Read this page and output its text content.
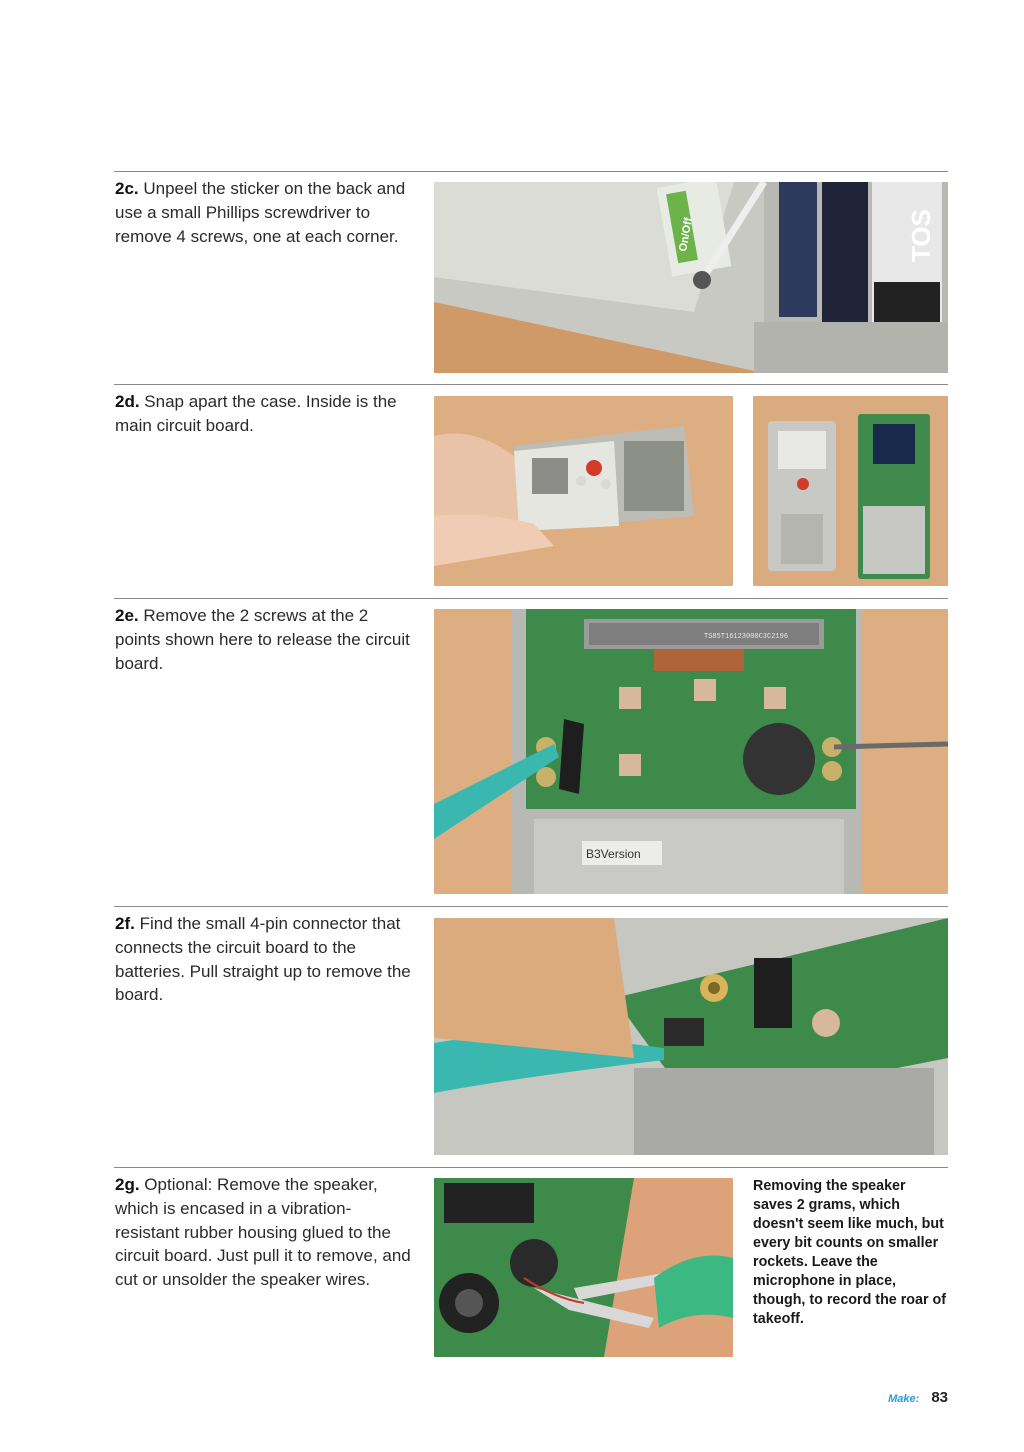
2c. Unpeel the sticker on the back and use a small Phillips screwdriver to remove 4 screws, one at each corner.
2d. Snap apart the case. Inside is the main circuit board.
2e. Remove the 2 screws at the 2 points shown here to release the circuit board.
2f. Find the small 4-pin connector that connects the circuit board to the batteries. Pull straight up to remove the board.
2g. Optional: Remove the speaker, which is encased in a vibration-resistant rubber housing glued to the circuit board. Just pull it to remove, and cut or unsolder the speaker wires.
On/Off	TOS
TS85T16123000C3C2196
B3Version
Removing the speaker saves 2 grams, which doesn't seem like much, but every bit counts on smaller rockets. Leave the microphone in place, though, to record the roar of takeoff.
Make: 83
